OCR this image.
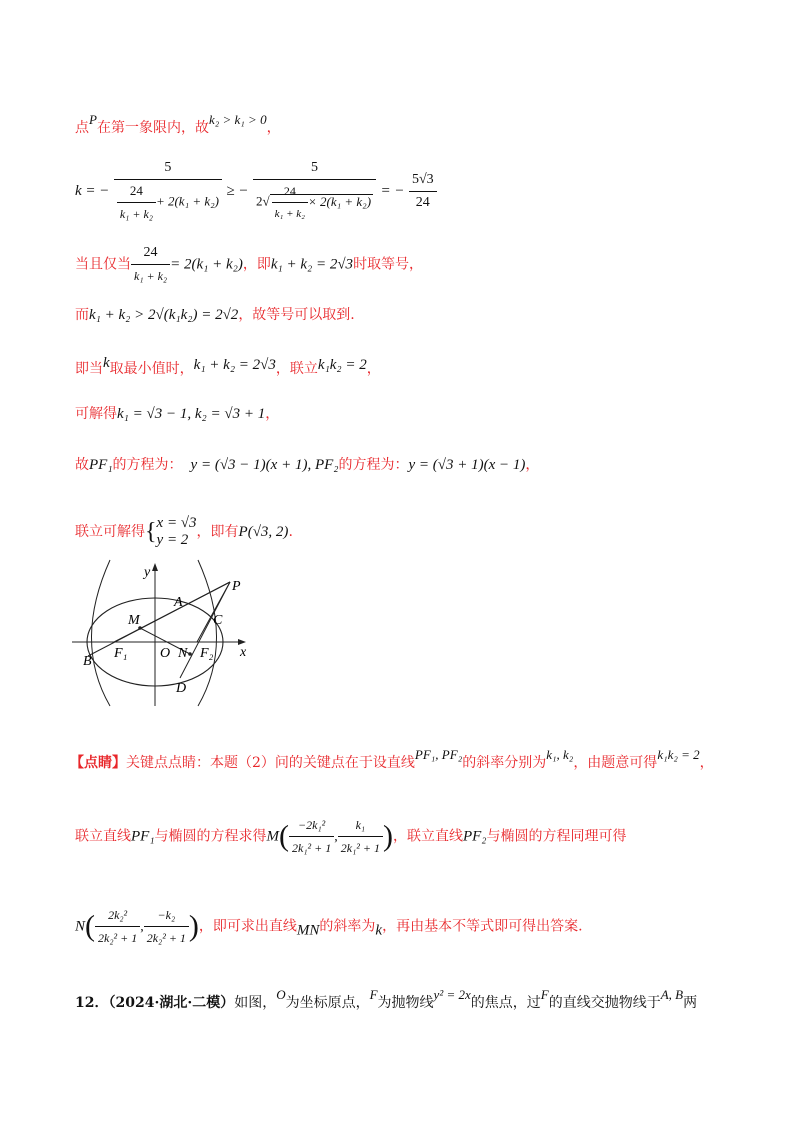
点P在第一象限内，故k₂ > k₁ > 0，
k = − $\frac{5}{\frac{24}{\text{k₁ + k₂}} + 2(k_1 + k_2)}$ ≥ − $\frac{5}{2√ \frac{24}{\text{k₁ + k₂}} \times 2(k_1 + k_2)}$ = − $\frac{5√3}{24}$
当且仅当 $\frac{24}{\text{k₁ + k₂}} = 2(k_1 + k_2)$，即k₁ + k₂ = 2√3时取等号，
而k₁ + k₂ > 2√(k₁k₂) = 2√2，故等号可以取到.
即当k取最小值时，k₁ + k₂ = 2√3，联立k₁k₂ = 2，
可解得k₁ = √3 − 1, k₂ = √3 + 1，
故PF₁的方程为： y = (√3 − 1)(x + 1), PF₂的方程为：y = (√3 + 1)(x − 1)，
联立可解得{ x = √3
y = 2 ，即有P(√3, 2).
y
x
P
A
C
M
B
F₁ O N F₂
D
【点睛】关键点点睛：本题（2）问的关键点在于设直线PF₁, PF₂的斜率分别为k₁, k₂，由题意可得k₁k₂ = 2，
联立直线PF₁与椭圆的方程求得$M( \frac{\text{−2k₁²}}{\text{2k₁² + 1}}$ , $\frac{\text{k₁}}{\text{2k₁² + 1}}$ )，联立直线PF₂与椭圆的方程同理可得
$N( \frac{\text{2k₂²}}{\text{2k₂² + 1}}$ , $\frac{\text{−k₂}}{\text{2k₂² + 1}}$ )，即可求出直线MN的斜率为k，再由基本不等式即可得出答案.
12．（2024·湖北·二模）如图，O为坐标原点，F为抛物线y² = 2x的焦点，过F的直线交抛物线于A, B两
